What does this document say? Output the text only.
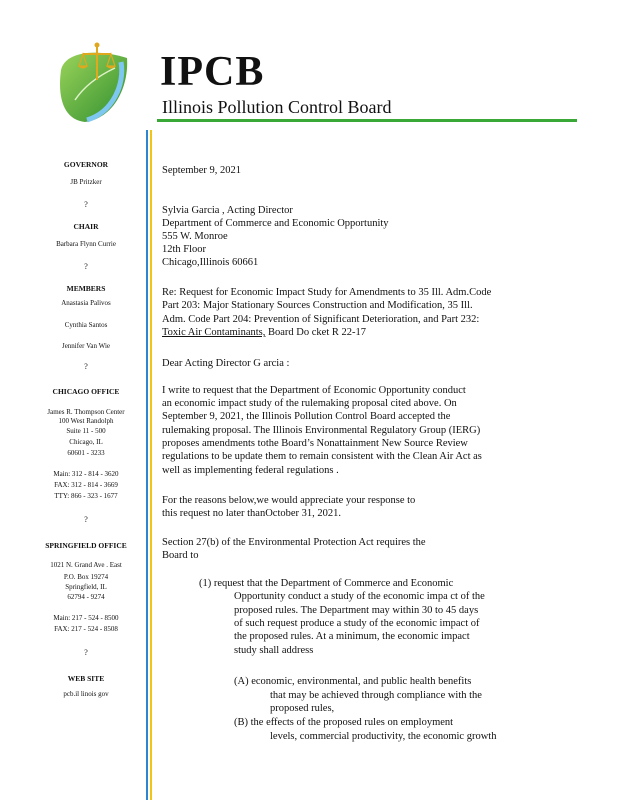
IPCB
Illinois Pollution Control Board
GOVERNOR
JB Pritzker
?
CHAIR
Barbara Flynn Currie
?
MEMBERS
Anastasia Palivos
Cynthia Santos
Jennifer Van Wie
?
CHICAGO OFFICE
James R. Thompson Center
100 West Randolph
Suite 11 - 500
Chicago, IL
60601 - 3233
Main: 312 - 814 - 3620
FAX: 312 - 814 - 3669
TTY: 866 - 323 - 1677
?
SPRINGFIELD OFFICE
1021 N. Grand Ave . East
P.O. Box 19274
Springfield, IL
62794 - 9274
Main: 217 - 524 - 8500
FAX: 217 - 524 - 8508
?
WEB SITE
pcb.il linois gov
September 9, 2021
Sylvia Garcia , Acting Director
Department of Commerce and Economic Opportunity
555 W. Monroe
12th Floor
Chicago,Illinois 60661
Re: Request for Economic Impact Study for Amendments to 35 Ill. Adm.Code
Part 203: Major Stationary Sources Construction and Modification, 35 Ill.
Adm. Code Part 204: Prevention of Significant Deterioration, and Part 232:
Toxic Air Contaminants, Board Do cket R 22-17
Dear Acting Director G arcia :
I write to request that the Department of Economic Opportunity conduct
an economic impact study of the rulemaking proposal cited above. On
September 9, 2021, the Illinois Pollution Control Board accepted the
rulemaking proposal. The Illinois Environmental Regulatory Group (IERG)
proposes amendments tothe Board’s Nonattainment New Source Review
regulations to be update them to remain consistent with the Clean Air Act as
well as implementing federal regulations .
For the reasons below,we would appreciate your response to
this request no later thanOctober 31, 2021.
Section 27(b) of the Environmental Protection Act requires the
Board to
(1) request that the Department of Commerce and Economic
Opportunity conduct a study of the economic impa ct of the
proposed rules. The Department may within 30 to 45 days
of such request produce a study of the economic impact of
the proposed rules. At a minimum, the economic impact
study shall address
(A) economic, environmental, and public health benefits
that may be achieved through compliance with the
proposed rules,
(B) the effects of the proposed rules on employment
levels, commercial productivity, the economic growth
